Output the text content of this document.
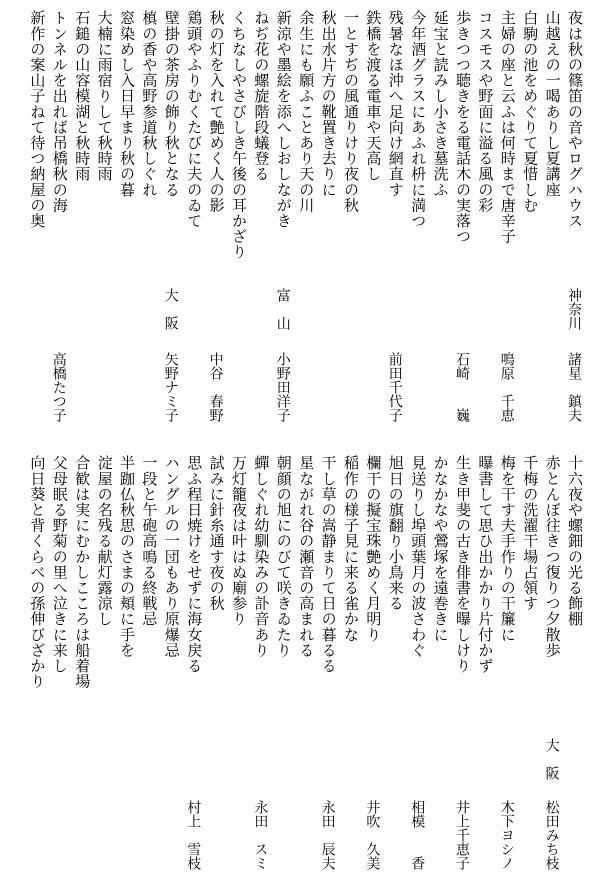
夜は秋の篠笛の音やログハウス
山越えの一喝ありし夏講座
白駒の池をめぐりて夏惜しむ
主婦の座と云ふは何時まで唐辛子
コスモスや野面に溢る風の彩
歩きつつ聴きをる電話木の実落つ
延宝と読みし小さき墓洗ふ
今年酒グラスにあふれ枡に満つ
残暑なほ沖へ足向け網直す
鉄橋を渡る電車や天高し
一とすぢの風通りけり夜の秋
秋出水片方の靴置き去りに
余生にも願ふことあり天の川
新涼や墨絵を添へしおしながき
ねぢ花の螺旋階段蟻登る
くちなしやさびしき午後の耳かざり
秋の灯を入れて艶めく人の影
鶏頭やふりむくたびに夫のゐて
壁掛の茶房の飾り秋となる
槙の香や高野参道秋しぐれ
窓染めし入日早まり秋の暮
大楠に雨宿りして秋時雨
石鎚の山容模湖と秋時雨
トンネルを出れば吊橋秋の海
新作の案山子ねて待つ納屋の奥
神奈川
諸星　鎮夫
鳴原　千恵
石崎　　巍
前田千代子
富　山
小野田洋子
中谷　春野
矢野ナミ子
大　阪
高橋たつ子
十六夜や螺鈿の光る飾棚
赤とんぼ往きつ復りつ夕散歩
千梅の洗濯干場占領す
梅を干す夫手作りの干簾に
曝書して思ひ出かかり片付かず
生き甲斐の古き俳書を曝しけり
かなかなや鶯塚を遠巻きに
見送りし埠頭葉月の波さわぐ
旭日の旗翻り小鳥来る
欄干の擬宝珠艶めく月明り
稲作の様子見に来る雀かな
干し草の嵩静まりて日の暮るる
星ながれ谷の瀬音の高まれる
朝顔の旭にのびて咲きゐたり
蟬しぐれ幼馴染みの訃音あり
万灯籠夜は叶はぬ廟参り
試みに針糸通す夜の秋
思ふ程日焼けをせずに海女戻る
ハングルの一団もあり原爆忌
一段と午砲高鳴る終戦忌
半跏仏秋思のさまの頬に手を
淀屋の名残る献灯露涼し
合歓は実にむかしこころは船着場
父母眠る野菊の里へ泣きに来し
向日葵と背くらべの孫伸びざかり
松田みち枝
大　阪
木下ヨシノ
井上千恵子
相模　　香
井吹　久美
永田　辰夫
永田　スミ
村上　雪枝
